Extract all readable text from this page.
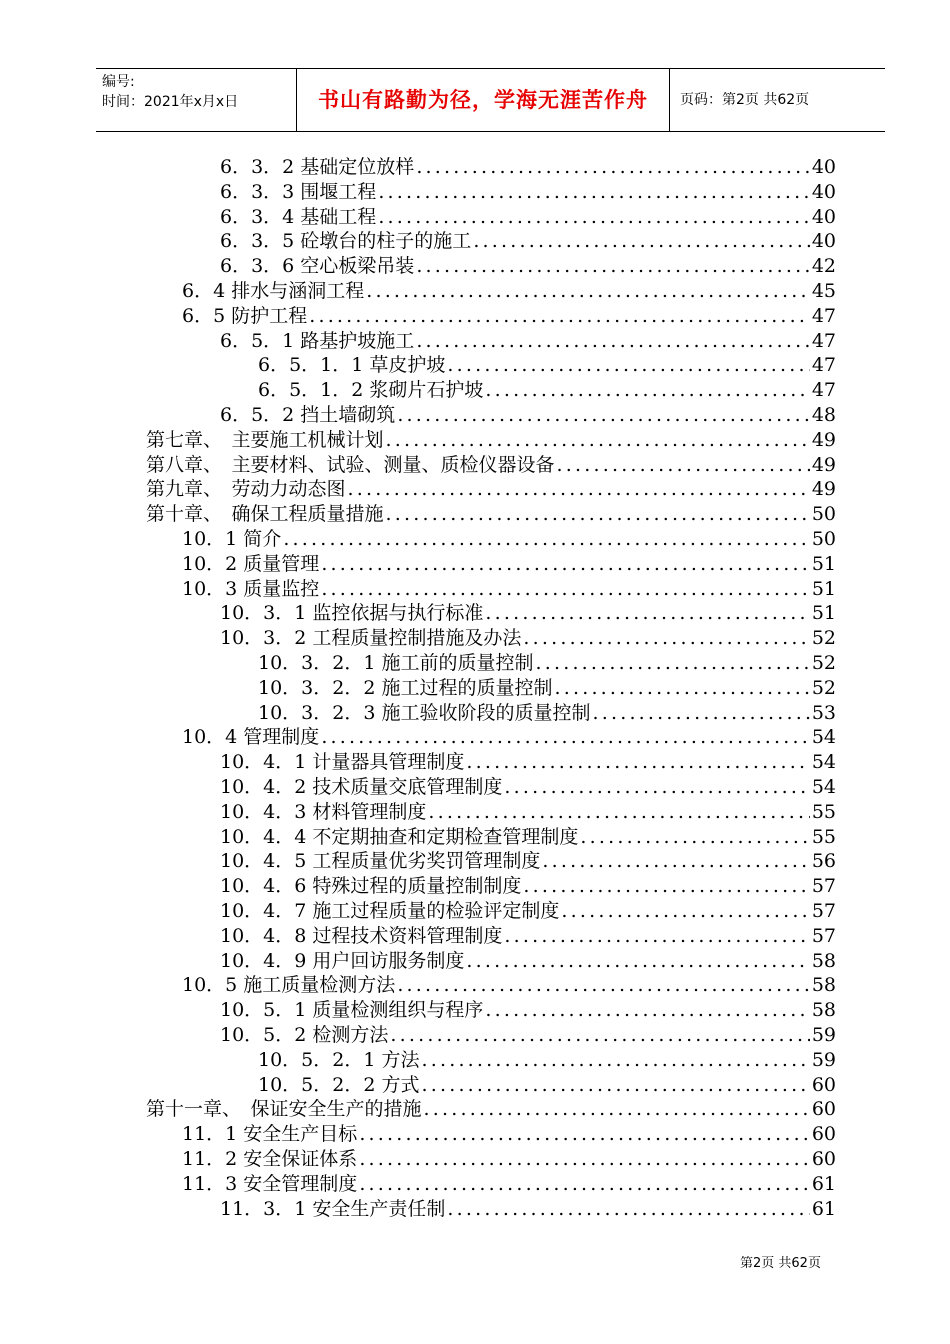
编号:
时间：2021年x月x日	书山有路勤为径，学海无涯苦作舟	页码：第2页 共62页
6．3．2 基础定位放样 .....	40
6．3．3 围堰工程 .....	40
6．3．4 基础工程 .....	40
6．3．5 砼墩台的柱子的施工 .....	40
6．3．6 空心板梁吊装 .....	42
6．4 排水与涵洞工程 .....	45
6．5 防护工程 .....	47
6．5．1 路基护坡施工 .....	47
6．5．1．1 草皮护坡 .....	47
6．5．1．2 浆砌片石护坡 .....	47
6．5．2 挡土墙砌筑 .....	48
第七章、　主要施工机械计划 .....	49
第八章、　主要材料、试验、测量、质检仪器设备 .....	49
第九章、　劳动力动态图 .....	49
第十章、　确保工程质量措施 .....	50
10．1 简介 .....	50
10．2 质量管理 .....	51
10．3 质量监控 .....	51
10．3．1 监控依据与执行标准 .....	51
10．3．2 工程质量控制措施及办法 .....	52
10．3．2．1 施工前的质量控制 .....	52
10．3．2．2 施工过程的质量控制 .....	52
10．3．2．3 施工验收阶段的质量控制 .....	53
10．4 管理制度 .....	54
10．4．1 计量器具管理制度 .....	54
10．4．2 技术质量交底管理制度 .....	54
10．4．3 材料管理制度 .....	55
10．4．4 不定期抽查和定期检查管理制度 .....	55
10．4．5 工程质量优劣奖罚管理制度 .....	56
10．4．6 特殊过程的质量控制制度 .....	57
10．4．7 施工过程质量的检验评定制度 .....	57
10．4．8 过程技术资料管理制度 .....	57
10．4．9 用户回访服务制度 .....	58
10．5 施工质量检测方法 .....	58
10．5．1 质量检测组织与程序 .....	58
10．5．2 检测方法 .....	59
10．5．2．1 方法 .....	59
10．5．2．2 方式 .....	60
第十一章、　保证安全生产的措施 .....	60
11．1 安全生产目标 .....	60
11．2 安全保证体系 .....	60
11．3 安全管理制度 .....	61
11．3．1 安全生产责任制 .....	61
第2页 共62页
